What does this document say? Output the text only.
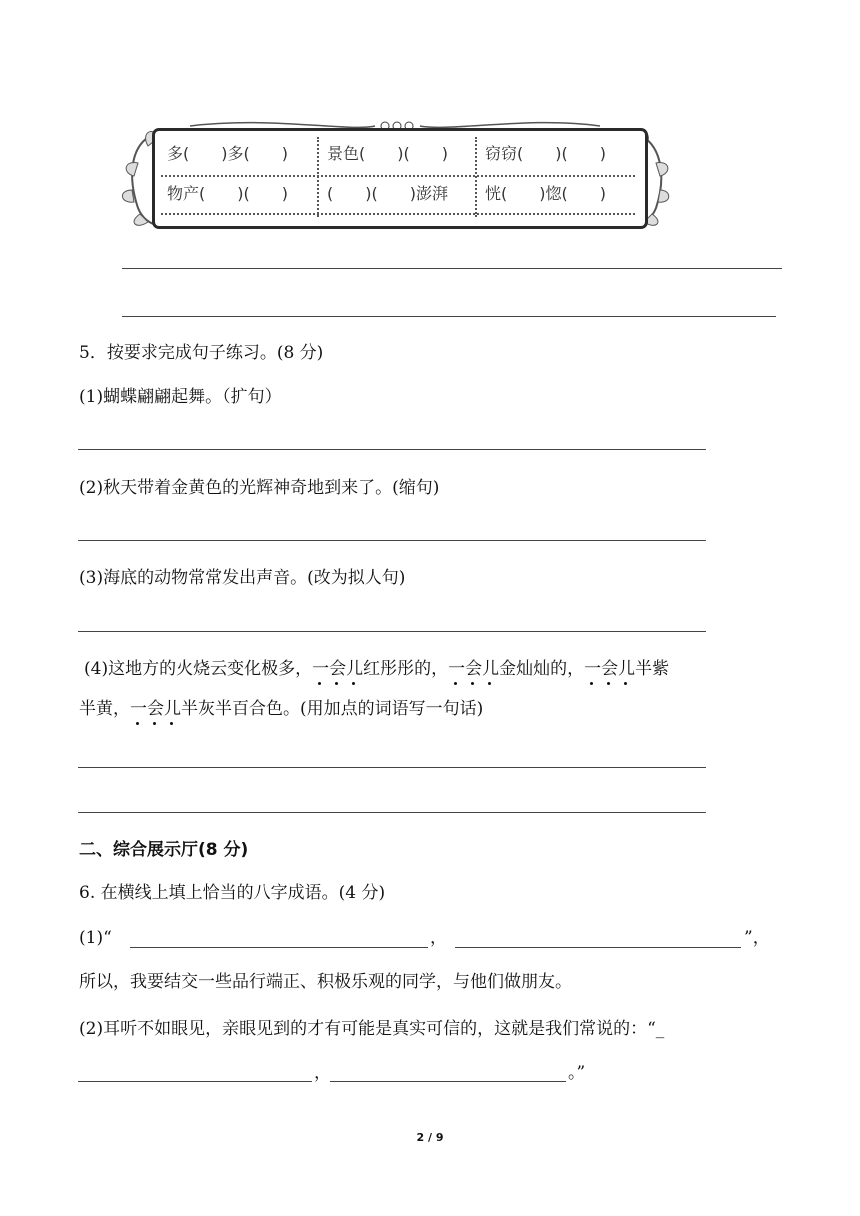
多(　　)多(　　) 景色(　　)(　　) 窃窃(　　)(　　)
物产(　　)(　　) (　　)(　　)澎湃 恍(　　)惚(　　)
5．按要求完成句子练习。(8 分)
(1)蝴蝶翩翩起舞。（扩句）
(2)秋天带着金黄色的光辉神奇地到来了。(缩句)
(3)海底的动物常常发出声音。(改为拟人句)
(4)这地方的火烧云变化极多，一会儿
红彤彤的，一会儿
金灿灿的，一会儿
半紫
半黄，一会儿
半灰半百合色。(用加点的词语写一句话)
二、综合展示厅(8 分)
6. 在横线上填上恰当的八字成语。(4 分)
(1)“	，	”，
所以，我要结交一些品行端正、积极乐观的同学，与他们做朋友。
(2)耳听不如眼见，亲眼见到的才有可能是真实可信的，这就是我们常说的：“_
，	。”
2 / 9
